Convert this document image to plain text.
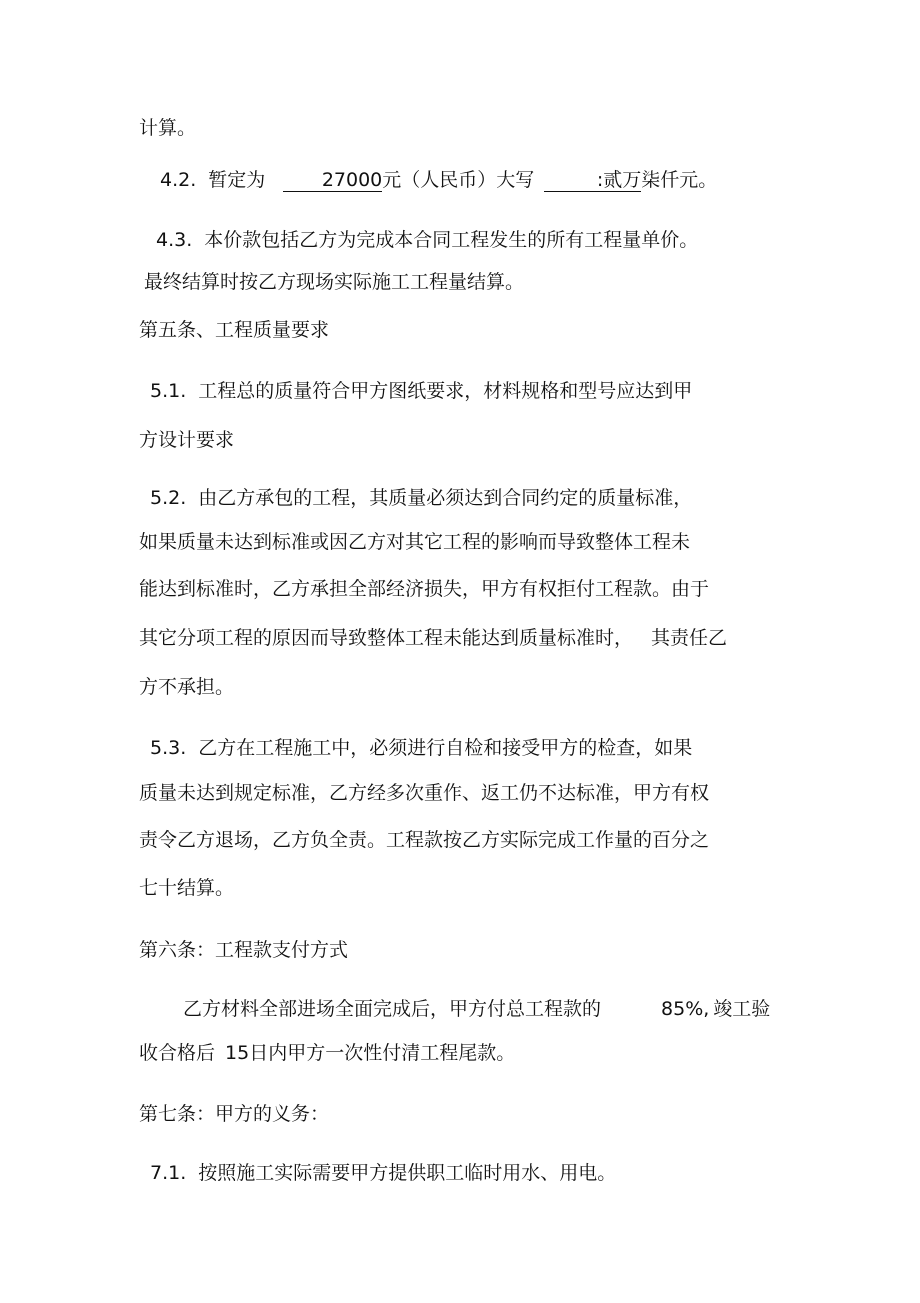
计算。

4.2. 暂定为	27000元（人民币）大写	:贰万柒仟元。

4.3. 本价款包括乙方为完成本合同工程发生的所有工程量单价。

最终结算时按乙方现场实际施工工程量结算。

第五条、工程质量要求

5.1. 工程总的质量符合甲方图纸要求，材料规格和型号应达到甲

方设计要求

5.2. 由乙方承包的工程，其质量必须达到合同约定的质量标准，

如果质量未达到标准或因乙方对其它工程的影响而导致整体工程未

能达到标准时，乙方承担全部经济损失，甲方有权拒付工程款。由于

其它分项工程的原因而导致整体工程未能达到质量标准时， 其责任乙

方不承担。

5.3. 乙方在工程施工中，必须进行自检和接受甲方的检查，如果

质量未达到规定标准，乙方经多次重作、返工仍不达标准，甲方有权

责令乙方退场，乙方负全责。工程款按乙方实际完成工作量的百分之

七十结算。

第六条：工程款支付方式

乙方材料全部进场全面完成后，甲方付总工程款的	85%, 竣工验

收合格后 15日内甲方一次性付清工程尾款。

第七条：甲方的义务：

7.1. 按照施工实际需要甲方提供职工临时用水、用电。
